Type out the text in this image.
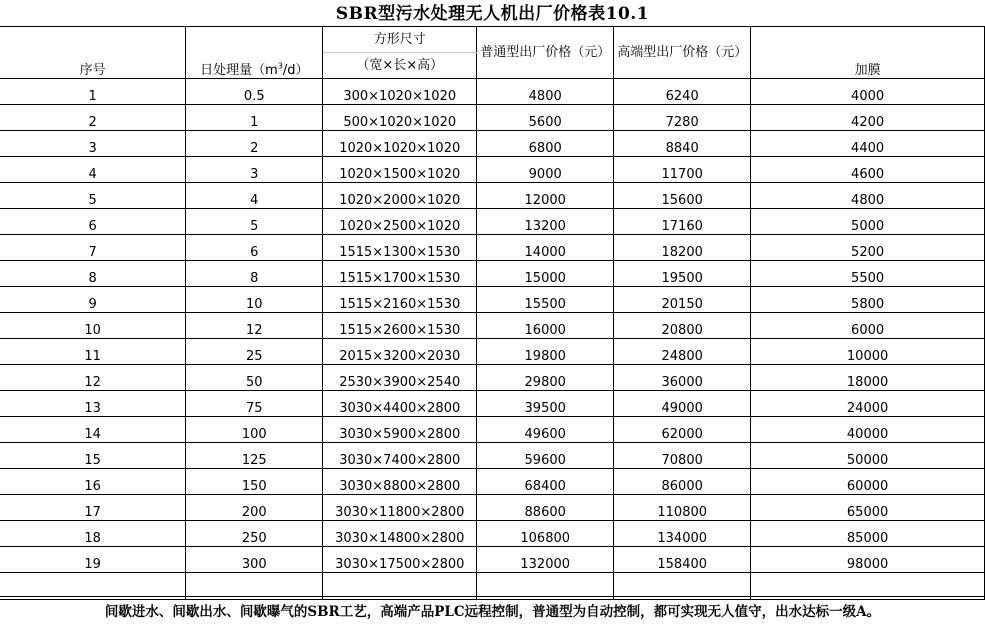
SBR型污水处理无人机出厂价格表10.1
序号	日处理量$(m^3/d)$	方形尺寸	普通型出厂价格（元）	高端型出厂价格（元）	加膜
		（宽×长×高）			
1	0.5	300×1020×1020	4800	6240	4000
2	1	500×1020×1020	5600	7280	4200
3	2	1020×1020×1020	6800	8840	4400
4	3	1020×1500×1020	9000	11700	4600
5	4	1020×2000×1020	12000	15600	4800
6	5	1020×2500×1020	13200	17160	5000
7	6	1515×1300×1530	14000	18200	5200
8	8	1515×1700×1530	15000	19500	5500
9	10	1515×2160×1530	15500	20150	5800
10	12	1515×2600×1530	16000	20800	6000
11	25	2015×3200×2030	19800	24800	10000
12	50	2530×3900×2540	29800	36000	18000
13	75	3030×4400×2800	39500	49000	24000
14	100	3030×5900×2800	49600	62000	40000
15	125	3030×7400×2800	59600	70800	50000
16	150	3030×8800×2800	68400	86000	60000
17	200	3030×11800×2800	88600	110800	65000
18	250	3030×14800×2800	106800	134000	85000
19	300	3030×17500×2800	132000	158400	98000

间歇进水、间歇出水、间歇曝气的SBR工艺，高端产品PLC远程控制，普通型为自动控制，都可实现无人值守，出水达标一级A。
